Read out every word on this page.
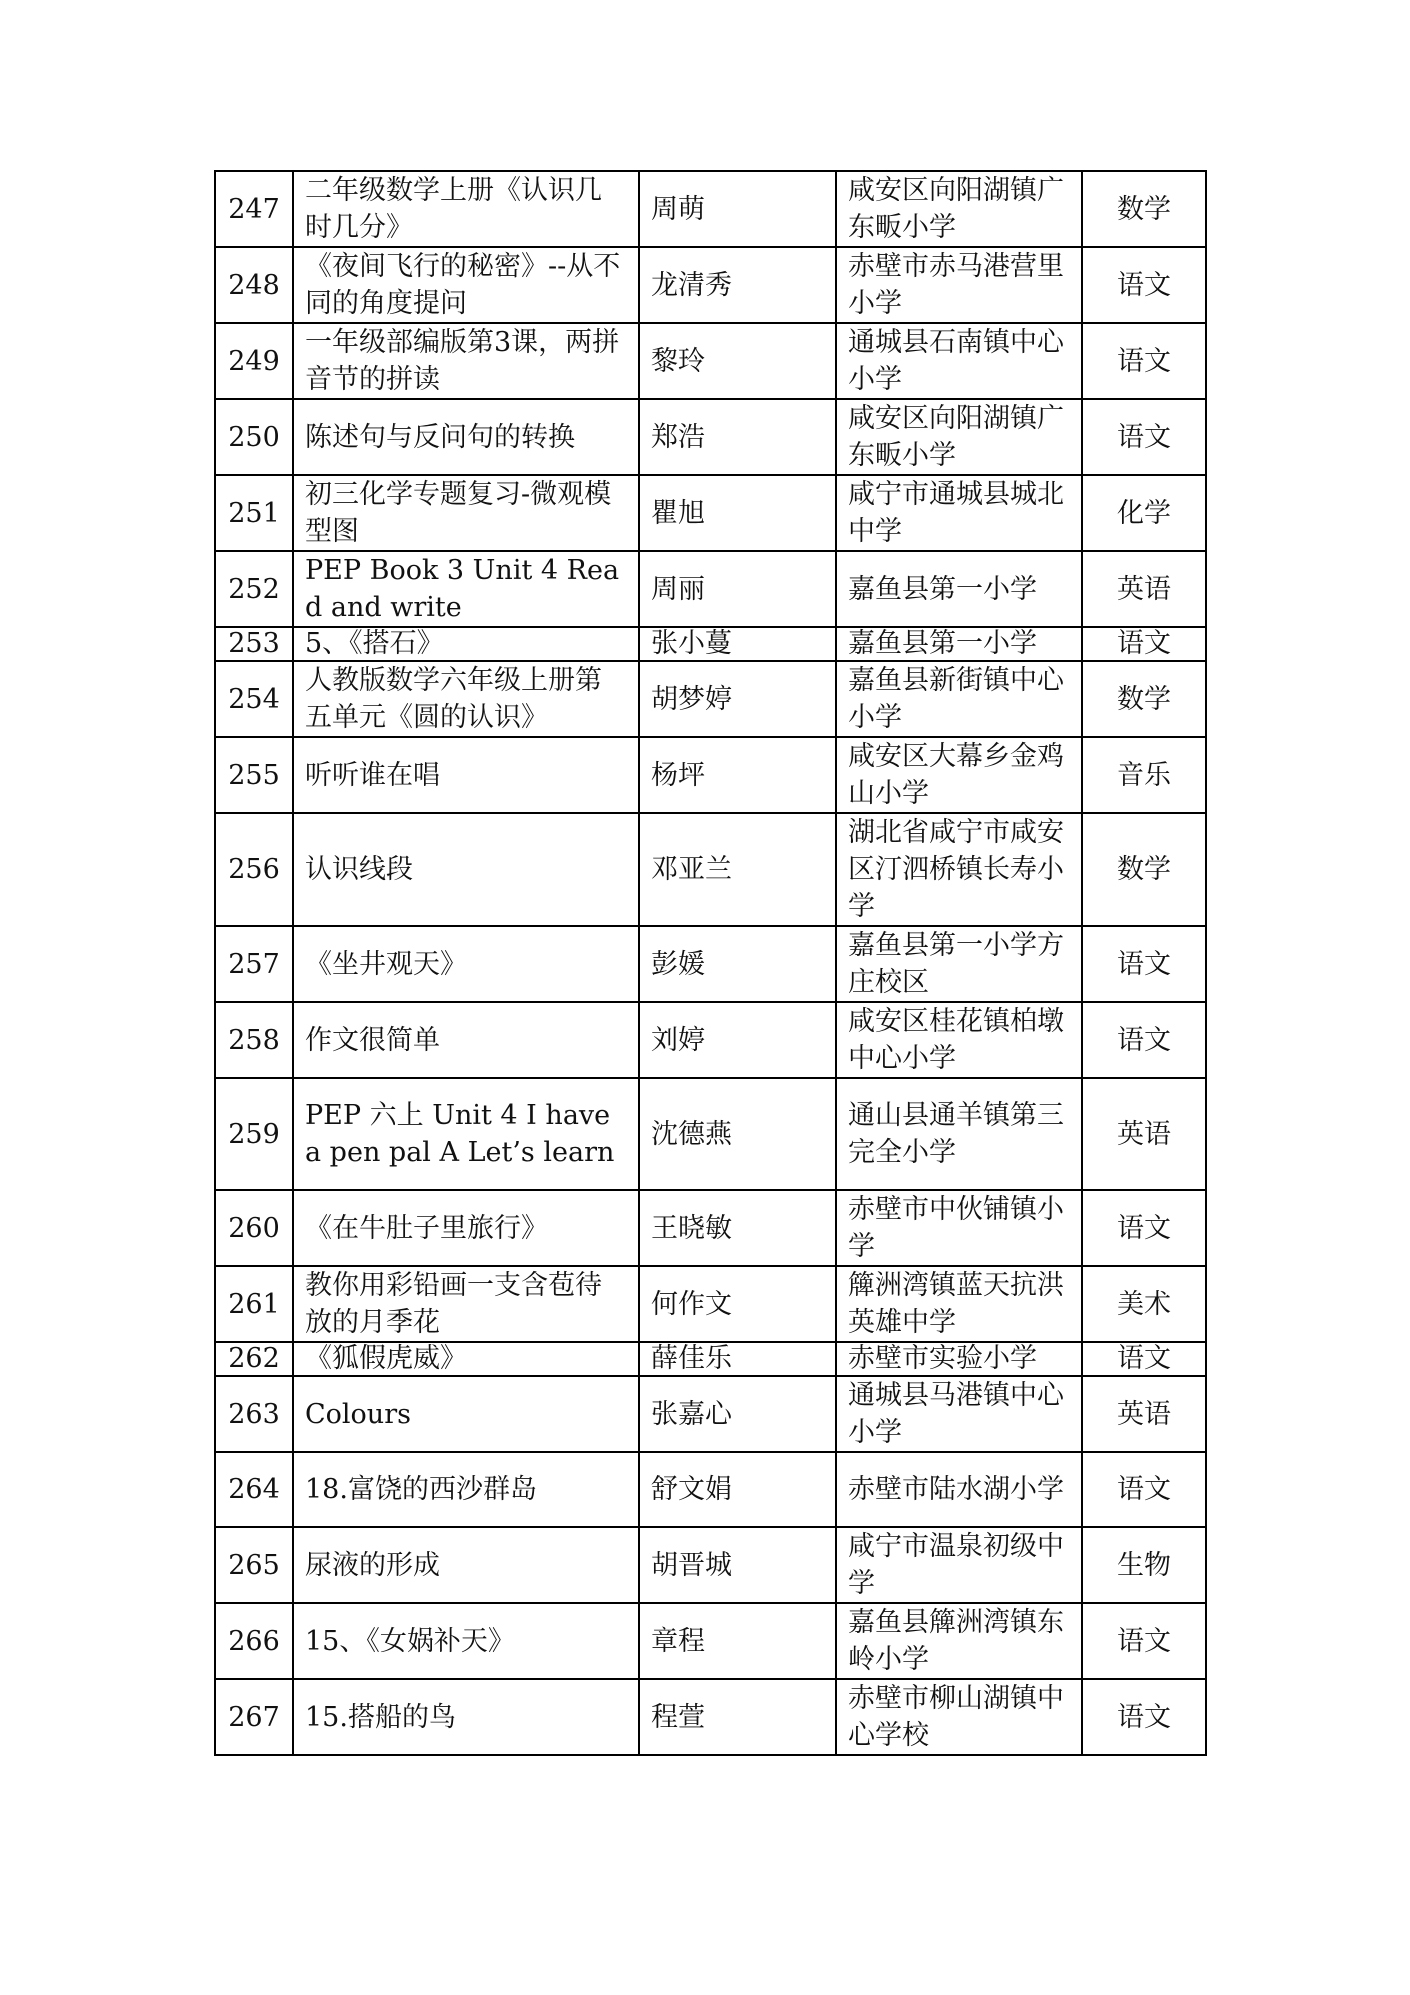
247	二年级数学上册《认识几时几分》	周萌	咸安区向阳湖镇广东畈小学	数学
248	《夜间飞行的秘密》--从不同的角度提问	龙清秀	赤壁市赤马港营里小学	语文
249	一年级部编版第3课，两拼音节的拼读	黎玲	通城县石南镇中心小学	语文
250	陈述句与反问句的转换	郑浩	咸安区向阳湖镇广东畈小学	语文
251	初三化学专题复习-微观模型图	瞿旭	咸宁市通城县城北中学	化学
252	PEP Book 3 Unit 4 Read and write	周丽	嘉鱼县第一小学	英语
253	5、《搭石》	张小蔓	嘉鱼县第一小学	语文
254	人教版数学六年级上册第五单元《圆的认识》	胡梦婷	嘉鱼县新街镇中心小学	数学
255	听听谁在唱	杨坪	咸安区大幕乡金鸡山小学	音乐
256	认识线段	邓亚兰	湖北省咸宁市咸安区汀泗桥镇长寿小学	数学
257	《坐井观天》	彭媛	嘉鱼县第一小学方庄校区	语文
258	作文很简单	刘婷	咸安区桂花镇柏墩中心小学	语文
259	PEP 六上 Unit 4 I have a pen pal A Let’s learn	沈德燕	通山县通羊镇第三完全小学	英语
260	《在牛肚子里旅行》	王晓敏	赤壁市中伙铺镇小学	语文
261	教你用彩铅画一支含苞待放的月季花	何作文	簰洲湾镇蓝天抗洪英雄中学	美术
262	《狐假虎威》	薛佳乐	赤壁市实验小学	语文
263	Colours	张嘉心	通城县马港镇中心小学	英语
264	18.富饶的西沙群岛	舒文娟	赤壁市陆水湖小学	语文
265	尿液的形成	胡晋城	咸宁市温泉初级中学	生物
266	15、《女娲补天》	章程	嘉鱼县簰洲湾镇东岭小学	语文
267	15.搭船的鸟	程萱	赤壁市柳山湖镇中心学校	语文
